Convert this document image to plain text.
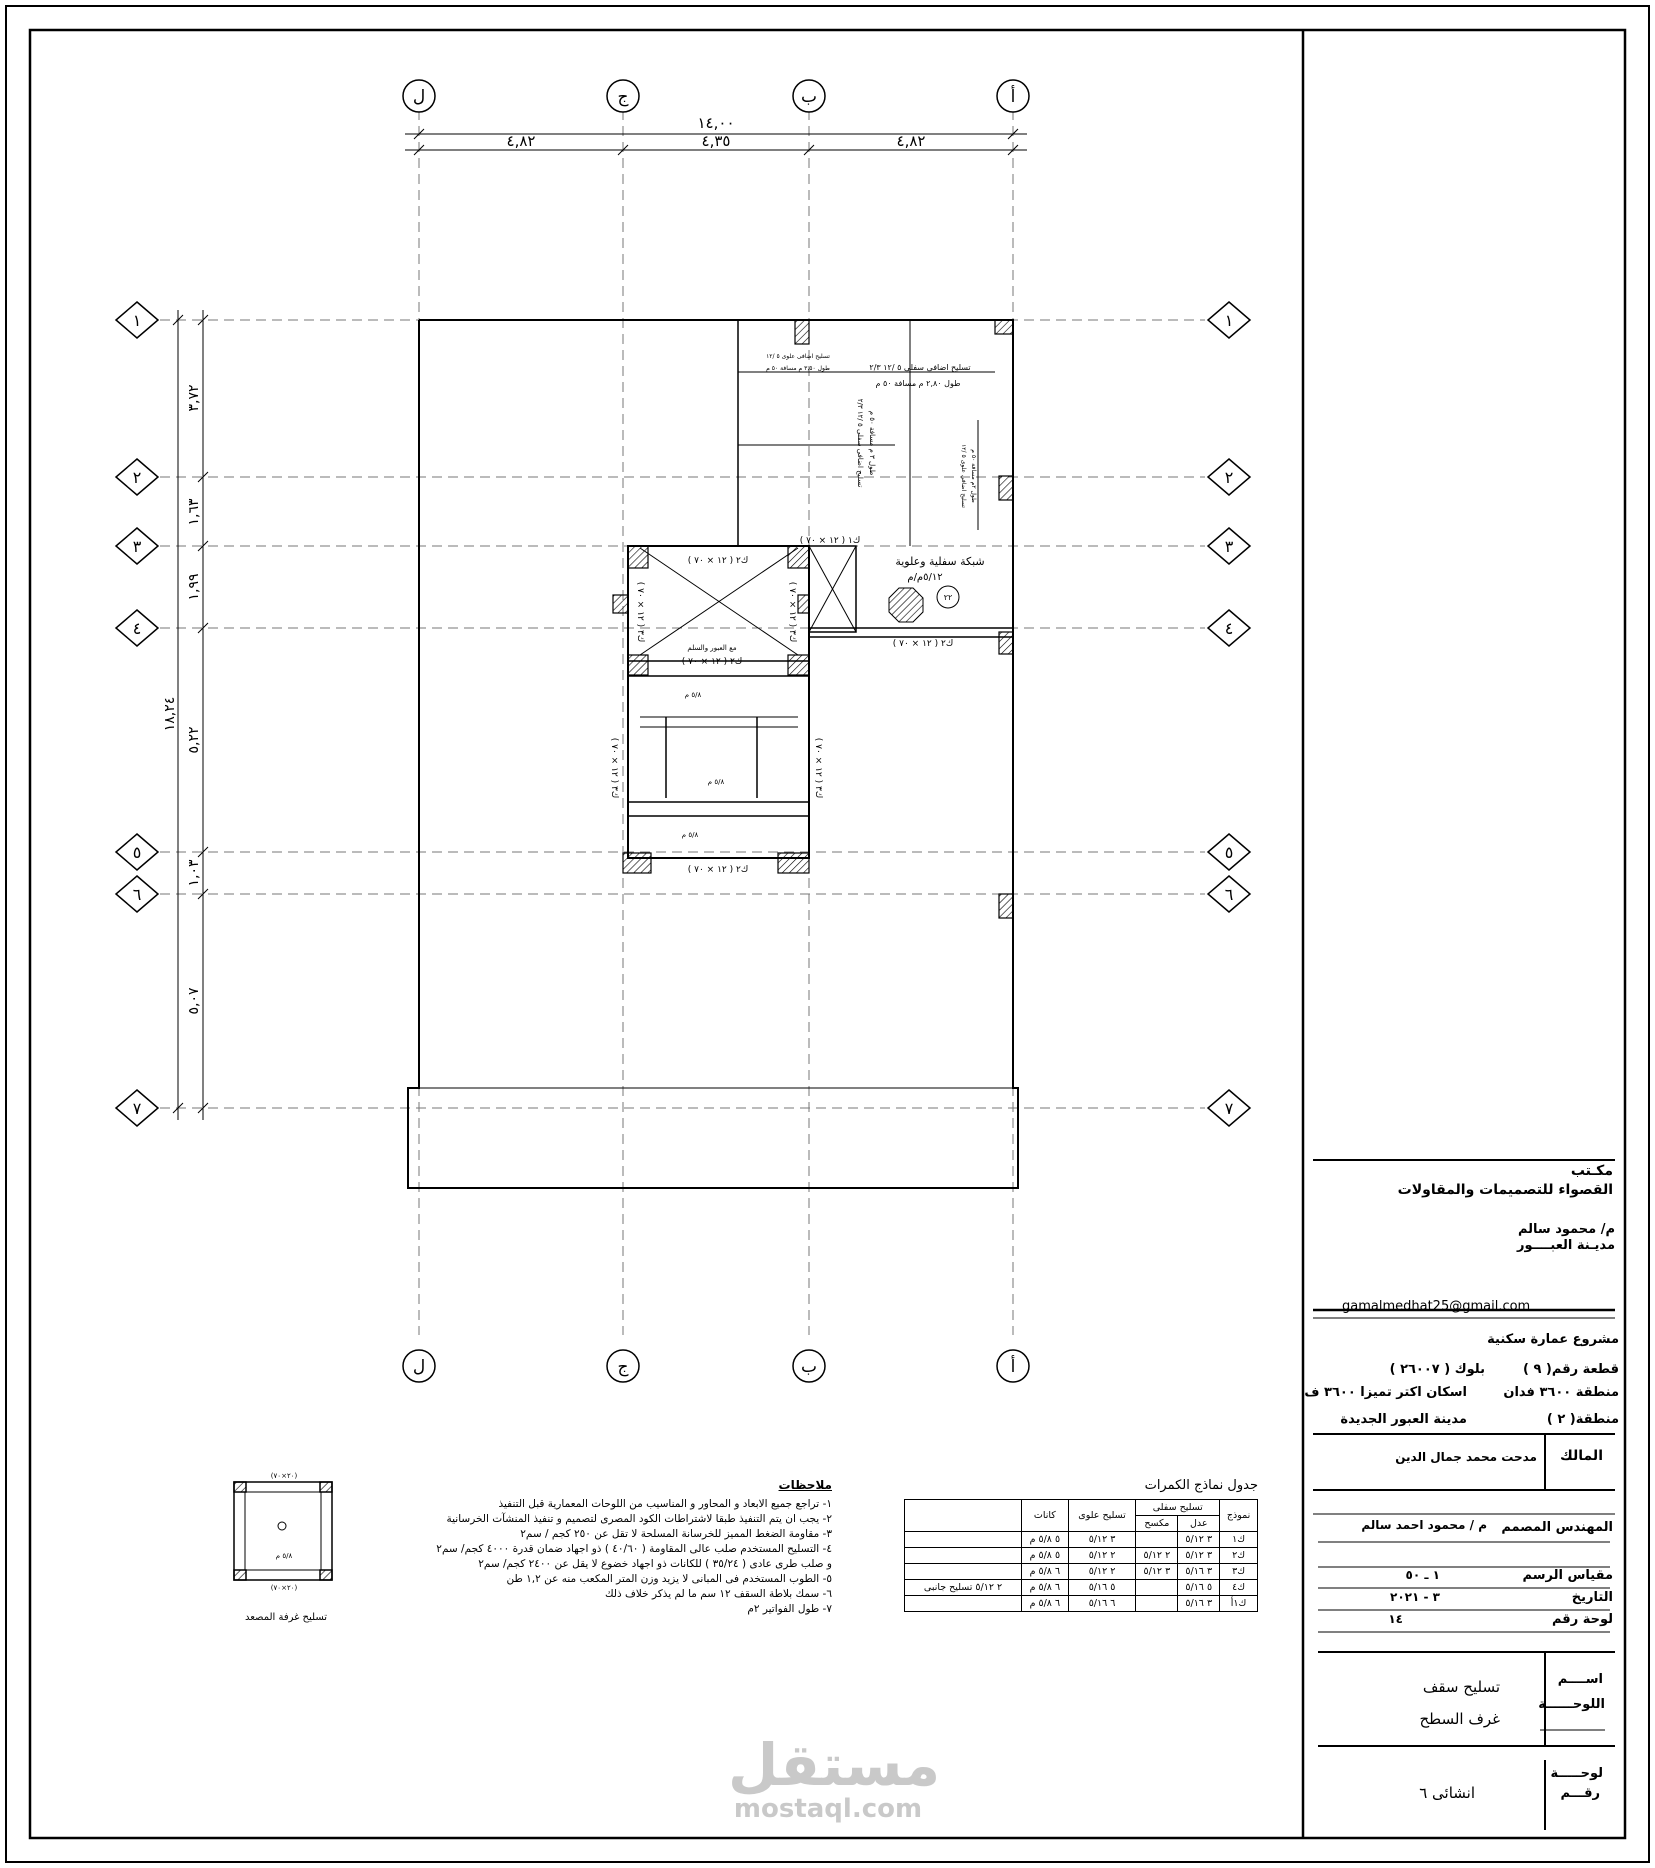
١٤,٠٠
٤,٨٢	٤,٣٥	٤,٨٢
١٨,٢٤
٣,٧٢
١,٦٣
١,٩٩
٥,٢٢
١,٠٣
٥,٠٧
ل	ج	ب	أ
ل	ج	ب	أ
١	١
٢	٢
٣	٣
٤	٤
٥	٥
٦	٦
٧	٧
ك١ ( ١٢ × ٧٠ )
ك٢ ( ١٢ × ٧٠ )
ك٢ ( ١٢ × ٧٠ )
ك٢ ( ١٢ × ٧٠ )
ك٢ ( ١٢ × ٧٠ )
ك٣ ( ١٢ × ٧٠ )
ك٣ ( ١٢ × ٧٠ )
ك٣ ( ١٢ × ٧٠ )
ك٣ ( ١٢ × ٧٠ )
مع العبور والسلم
شبكة سفلية وعلوية
٥/١٢م/م
٢٢
تسليح اضافى سفلى ٥ /١٢ ٢/٣
طول ٢,٨٠ م مسافة ٥٠ م
تسليح اضافى علوى ٥ /١٢
طول ٣,٥٠ م مسافة ٥٠ م
تسليح اضافى سفلى ٥ /١٢ ٢/٣
طول ٣ م مسافة ٥٠ م
تسليح اضافى علوى ٥ /١٢
طول ٢م مسافة ٥٠ م
٥/٨ م
٥/٨ م
٥/٨ م
(٢٠×٧٠)
(٢٠×٧٠)
٥/٨ م
تسليح غرفة المصعد
مستقل
mostaql.com
ملاحظات
١- تراجع جميع الابعاد و المحاور و المناسيب من اللوحات المعمارية قبل التنفيذ
٢- يجب ان يتم التنفيذ طبقا لاشتراطات الكود المصرى لتصميم و تنفيذ المنشآت الخرسانية
٣- مقاومة الضغط المميز للخرسانة المسلحة لا تقل عن ٢٥٠ كجم / سم٢
٤- التسليح المستخدم صلب عالى المقاومة ( ٤٠/٦٠ ) ذو اجهاد ضمان قدرة ٤٠٠٠ كجم/ سم٢
و صلب طرى عادى ( ٣٥/٢٤ ) للكانات ذو اجهاد خضوع لا يقل عن ٢٤٠٠ كجم/ سم٢
٥- الطوب المستخدم فى المبانى لا يزيد وزن المتر المكعب منه عن ١,٢ طن
٦- سمك بلاطة السقف ١٢ سم ما لم يذكر خلاف ذلك
٧- طول الفواتير ٢م
جدول نماذج الكمرات
نموذج	تسليح سفلى		تسليح علوى	كانات	
	عدل	مكسح			
ك١	٣ ٥/١٢		٣ ٥/١٢	٥ ٥/٨ م	
ك٢	٣ ٥/١٢	٢ ٥/١٢	٢ ٥/١٢	٥ ٥/٨ م	
ك٣	٣ ٥/١٦	٣ ٥/١٢	٢ ٥/١٢	٦ ٥/٨ م	
ك٤	٥ ٥/١٦		٥ ٥/١٦	٦ ٥/٨ م	٢ ٥/١٢ تسليح جانبى
ك١أ	٣ ٥/١٦		٦ ٥/١٦	٦ ٥/٨ م	
مكـتب
القصواء للتصميمات والمقاولات
م/ محمود سالم
مديـنة العبــــور
gamalmedhat25@gmail.com
مشروع عمارة سكنية
قطعة رقم( ٩ )
بلوك ( ٢٦٠٠٧ )
منطقة ٣٦٠٠ فدان
اسكان اكتر تميزا ٣٦٠٠ ف
منطقة( ٢ )
مدينة العبور الجديدة
المالك
مدحت محمد جمال الدين
المهندس المصمم
م / محمود احمد سالم
مقياس الرسم
١ ـ ٥٠
التاريخ
٣ - ٢٠٢١
لوحة رقم
١٤
اســــم
اللوحــــــة
تسليح سقف
غرف السطح
لوحـــــة
رقـــم
انشائى ٦
